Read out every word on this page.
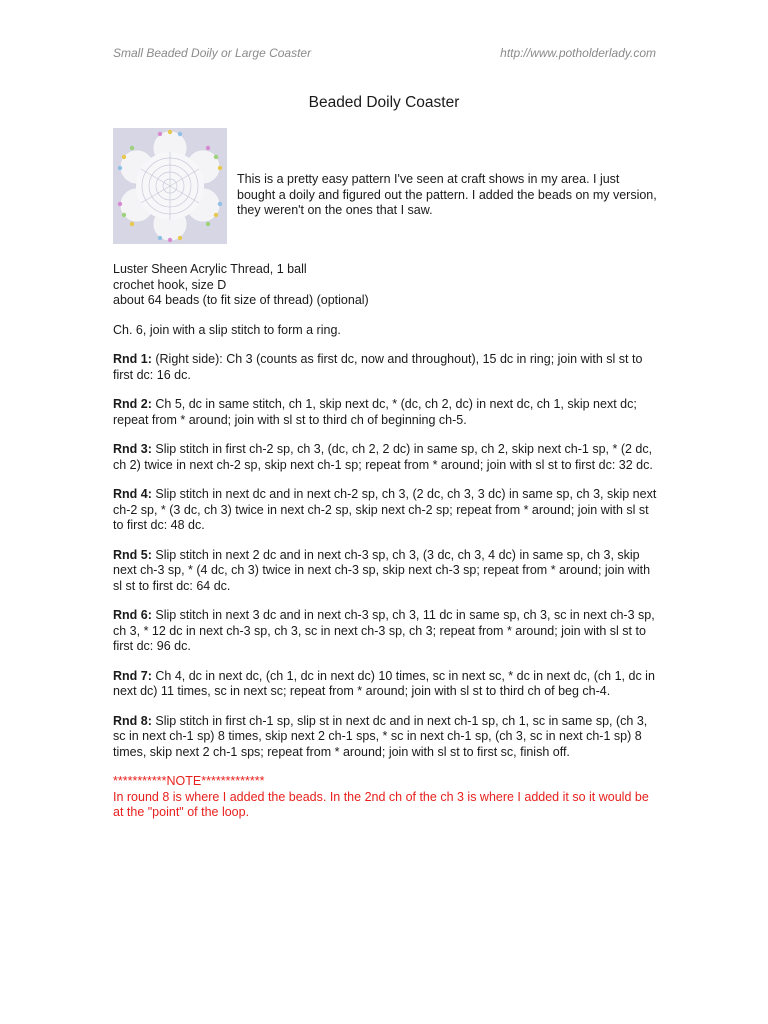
Small Beaded Doily or Large Coaster	http://www.potholderlady.com
Beaded Doily Coaster
This is a pretty easy pattern I've seen at craft shows in my area. I just bought a doily and figured out the pattern. I added the beads on my version, they weren't on the ones that I saw.
Luster Sheen Acrylic Thread, 1 ball
crochet hook, size D
about 64 beads (to fit size of thread) (optional)

Ch. 6, join with a slip stitch to form a ring.

Rnd 1: (Right side): Ch 3 (counts as first dc, now and throughout), 15 dc in ring; join with sl st to first dc: 16 dc.

Rnd 2: Ch 5, dc in same stitch, ch 1, skip next dc, * (dc, ch 2, dc) in next dc, ch 1, skip next dc; repeat from * around; join with sl st to third ch of beginning ch-5.

Rnd 3: Slip stitch in first ch-2 sp, ch 3, (dc, ch 2, 2 dc) in same sp, ch 2, skip next ch-1 sp, * (2 dc, ch 2) twice in next ch-2 sp, skip next ch-1 sp; repeat from * around; join with sl st to first dc: 32 dc.

Rnd 4: Slip stitch in next dc and in next ch-2 sp, ch 3, (2 dc, ch 3, 3 dc) in same sp, ch 3, skip next ch-2 sp, * (3 dc, ch 3) twice in next ch-2 sp, skip next ch-2 sp; repeat from * around; join with sl st to first dc: 48 dc.

Rnd 5: Slip stitch in next 2 dc and in next ch-3 sp, ch 3, (3 dc, ch 3, 4 dc) in same sp, ch 3, skip next ch-3 sp, * (4 dc, ch 3) twice in next ch-3 sp, skip next ch-3 sp; repeat from * around; join with sl st to first dc: 64 dc.

Rnd 6: Slip stitch in next 3 dc and in next ch-3 sp, ch 3, 11 dc in same sp, ch 3, sc in next ch-3 sp, ch 3, * 12 dc in next ch-3 sp, ch 3, sc in next ch-3 sp, ch 3; repeat from * around; join with sl st to first dc: 96 dc.

Rnd 7: Ch 4, dc in next dc, (ch 1, dc in next dc) 10 times, sc in next sc, * dc in next dc, (ch 1, dc in next dc) 11 times, sc in next sc; repeat from * around; join with sl st to third ch of beg ch-4.

Rnd 8: Slip stitch in first ch-1 sp, slip st in next dc and in next ch-1 sp, ch 1, sc in same sp, (ch 3, sc in next ch-1 sp) 8 times, skip next 2 ch-1 sps, * sc in next ch-1 sp, (ch 3, sc in next ch-1 sp) 8 times, skip next 2 ch-1 sps; repeat from * around; join with sl st to first sc, finish off.

***********NOTE*************
In round 8 is where I added the beads. In the 2nd ch of the ch 3 is where I added it so it would be at the "point" of the loop.
